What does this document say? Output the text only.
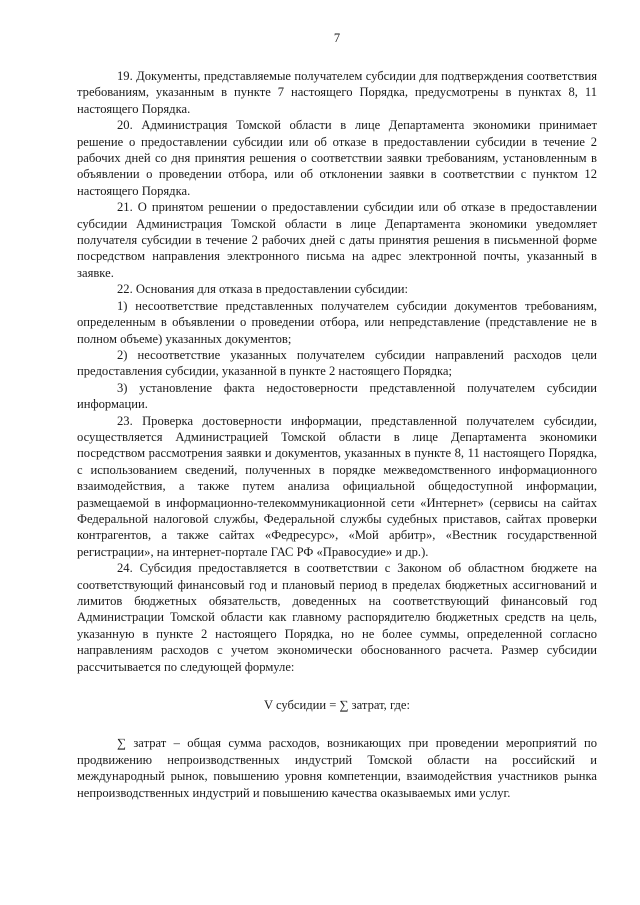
7

19. Документы, представляемые получателем субсидии для подтверждения соответствия требованиям, указанным в пункте 7 настоящего Порядка, предусмотрены в пунктах 8, 11 настоящего Порядка.

20. Администрация Томской области в лице Департамента экономики принимает решение о предоставлении субсидии или об отказе в предоставлении субсидии в течение 2 рабочих дней со дня принятия решения о соответствии заявки требованиям, установленным в объявлении о проведении отбора, или об отклонении заявки в соответствии с пунктом 12 настоящего Порядка.

21. О принятом решении о предоставлении субсидии или об отказе в предоставлении субсидии Администрация Томской области в лице Департамента экономики уведомляет получателя субсидии в течение 2 рабочих дней с даты принятия решения в письменной форме посредством направления электронного письма на адрес электронной почты, указанный в заявке.

22. Основания для отказа в предоставлении субсидии:

1) несоответствие представленных получателем субсидии документов требованиям, определенным в объявлении о проведении отбора, или непредставление (представление не в полном объеме) указанных документов;

2) несоответствие указанных получателем субсидии направлений расходов цели предоставления субсидии, указанной в пункте 2 настоящего Порядка;

3) установление факта недостоверности представленной получателем субсидии информации.

23. Проверка достоверности информации, представленной получателем субсидии, осуществляется Администрацией Томской области в лице Департамента экономики посредством рассмотрения заявки и документов, указанных в пункте 8, 11 настоящего Порядка, с использованием сведений, полученных в порядке межведомственного информационного взаимодействия, а также путем анализа официальной общедоступной информации, размещаемой в информационно-телекоммуникационной сети «Интернет» (сервисы на сайтах Федеральной налоговой службы, Федеральной службы судебных приставов, сайтах проверки контрагентов, а также сайтах «Федресурс», «Мой арбитр», «Вестник государственной регистрации», на интернет-портале ГАС РФ «Правосудие» и др.).

24. Субсидия предоставляется в соответствии с Законом об областном бюджете на соответствующий финансовый год и плановый период в пределах бюджетных ассигнований и лимитов бюджетных обязательств, доведенных на соответствующий финансовый год Администрации Томской области как главному распорядителю бюджетных средств на цель, указанную в пункте 2 настоящего Порядка, но не более суммы, определенной согласно направлениям расходов с учетом экономически обоснованного расчета. Размер субсидии рассчитывается по следующей формуле:

V субсидии = ∑ затрат, где:

∑ затрат – общая сумма расходов, возникающих при проведении мероприятий по продвижению непроизводственных индустрий Томской области на российский и международный рынок, повышению уровня компетенции, взаимодействия участников рынка непроизводственных индустрий и повышению качества оказываемых ими услуг.
